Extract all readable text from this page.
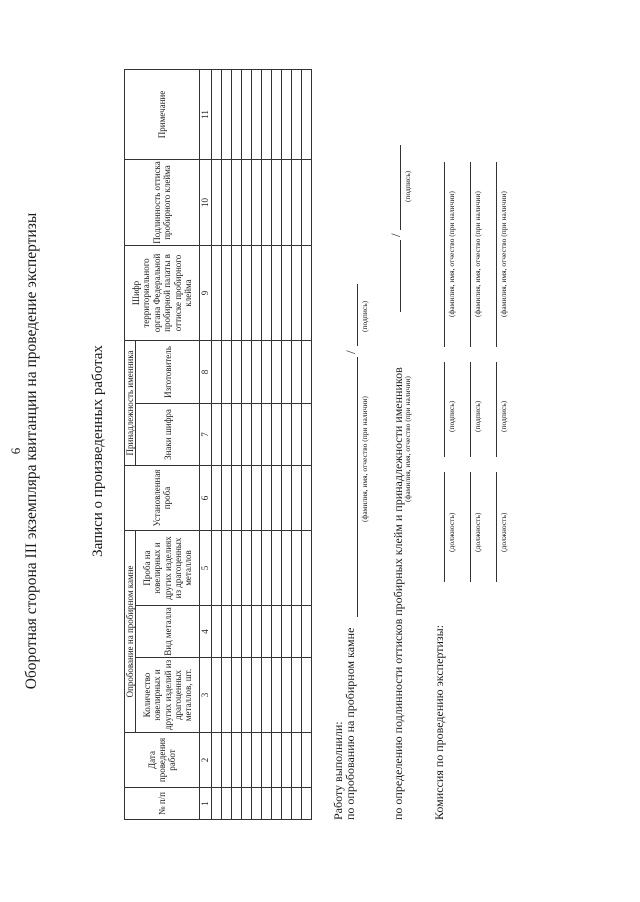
6 Оборотная сторона III экземпляра квитанции на проведение экспертизы	Записи о произведенных работах
№ п/п	Дата проведения работ	Опробование на пробирном камне			Установленная проба	Принадлежность именника		Шифр территориального органа Федеральной пробирной палаты в оттиске пробирного клейма	Подлинность оттиска пробирного клейма	Примечание
		Количество ювелирных и других изделий из драгоценных металлов, шт.	Вид металла	Проба на ювелирных и других изделиях из драгоценных металлов		Знаки шифра	Изготовитель			
1	2	3	4	5	6	7	8	9	10	11

Работу выполнили:
по опробованию на пробирном камне
/
(фамилия, имя, отчество (при наличии)
(подпись)
по определению подлинности оттисков пробирных клейм и принадлежности именников
(фамилия, имя, отчество (при наличии)
/
(подпись)
Комиссия по проведению экспертизы:
(должность)
(подпись)
(фамилия, имя, отчество (при наличии)
(должность)
(подпись)
(фамилия, имя, отчество (при наличии)
(должность)
(подпись)
(фамилия, имя, отчество (при наличии)
